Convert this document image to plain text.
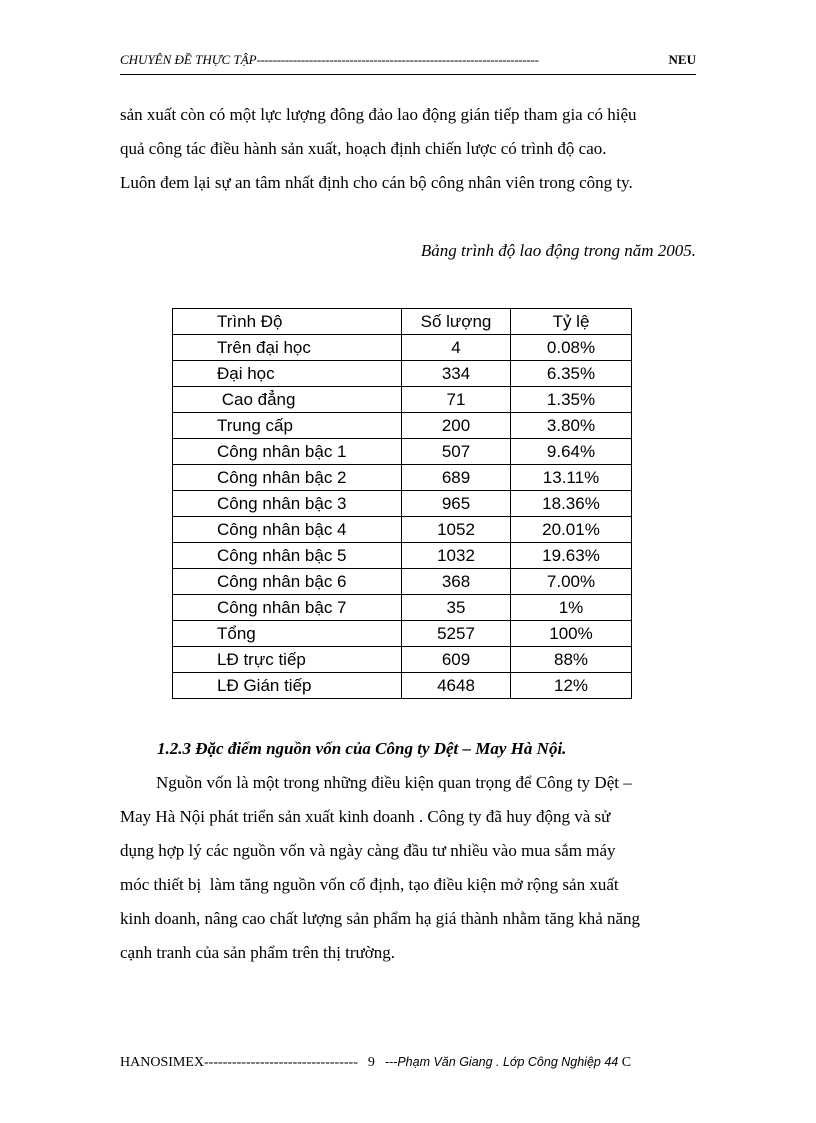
CHUYÊN ĐỀ THỰC TẬP----------------------------------------------------------------------	NEU

sản xuất còn có một lực lượng đông đảo lao động gián tiếp tham gia có hiệu

quả công tác điều hành sản xuất, hoạch định chiến lược có trình độ cao.

Luôn đem lại sự an tâm nhất định cho cán bộ công nhân viên trong công ty.

Bảng trình độ lao động trong năm 2005.
Trình Độ	Số lượng	Tỷ lệ
Trên đại học	4	0.08%
Đại học	334	6.35%
Cao đẳng	71	1.35%
Trung cấp	200	3.80%
Công nhân bậc 1	507	9.64%
Công nhân bậc 2	689	13.11%
Công nhân bậc 3	965	18.36%
Công nhân bậc 4	1052	20.01%
Công nhân bậc 5	1032	19.63%
Công nhân bậc 6	368	7.00%
Công nhân bậc 7	35	1%
Tổng	5257	100%
LĐ trực tiếp	609	88%
LĐ Gián tiếp	4648	12%
1.2.3 Đặc điểm nguồn vốn của Công ty Dệt – May Hà Nội.

Nguồn vốn là một trong những điều kiện quan trọng để Công ty Dệt –

May Hà Nội phát triển sản xuất kinh doanh . Công ty đã huy động và sử

dụng hợp lý các nguồn vốn và ngày càng đầu tư nhiều vào mua sắm máy

móc thiết bị  làm tăng nguồn vốn cố định, tạo điều kiện mở rộng sản xuất

kinh doanh, nâng cao chất lượng sản phẩm hạ giá thành nhằm tăng khả năng

cạnh tranh của sản phẩm trên thị trường.

HANOSIMEX--------------------------------- 9 ---Phạm Văn Giang . Lớp Công Nghiệp 44 C
